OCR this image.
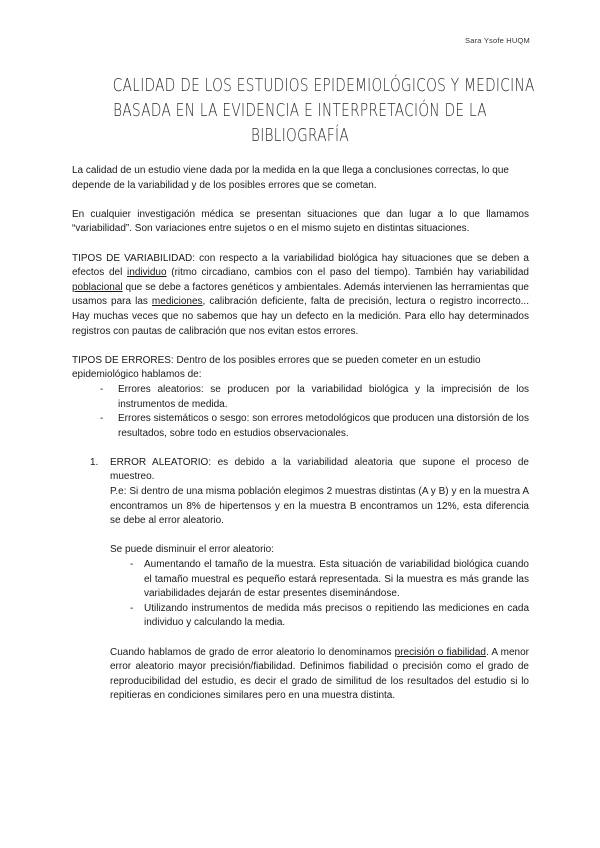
Sara Ysofe HUQM
CALIDAD DE LOS ESTUDIOS EPIDEMIOLÓGICOS Y MEDICINA
BASADA EN LA EVIDENCIA E INTERPRETACIÓN DE LA
BIBLIOGRAFÍA

La calidad de un estudio viene dada por la medida en la que llega a conclusiones correctas, lo que depende de la variabilidad y de los posibles errores que se cometan.

En cualquier investigación médica se presentan situaciones que dan lugar a lo que llamamos “variabilidad”. Son variaciones entre sujetos o en el mismo sujeto en distintas situaciones.

TIPOS DE VARIABILIDAD: con respecto a la variabilidad biológica hay situaciones que se deben a efectos del individuo (ritmo circadiano, cambios con el paso del tiempo). También hay variabilidad poblacional que se debe a factores genéticos y ambientales. Además intervienen las herramientas que usamos para las mediciones, calibración deficiente, falta de precisión, lectura o registro incorrecto... Hay muchas veces que no sabemos que hay un defecto en la medición. Para ello hay determinados registros con pautas de calibración que nos evitan estos errores.

TIPOS DE ERRORES: Dentro de los posibles errores que se pueden cometer en un estudio epidemiológico hablamos de:

- Errores aleatorios: se producen por la variabilidad biológica y la imprecisión de los instrumentos de medida.
- Errores sistemáticos o sesgo: son errores metodológicos que producen una distorsión de los resultados, sobre todo en estudios observacionales.
1. ERROR ALEATORIO: es debido a la variabilidad aleatoria que supone el proceso de muestreo.

P.e: Si dentro de una misma población elegimos 2 muestras distintas (A y B) y en la muestra A encontramos un 8% de hipertensos y en la muestra B encontramos un 12%, esta diferencia se debe al error aleatorio.

Se puede disminuir el error aleatorio:

- Aumentando el tamaño de la muestra. Esta situación de variabilidad biológica cuando el tamaño muestral es pequeño estará representada. Si la muestra es más grande las variabilidades dejarán de estar presentes diseminándose.
- Utilizando instrumentos de medida más precisos o repitiendo las mediciones en cada individuo y calculando la media.

Cuando hablamos de grado de error aleatorio lo denominamos precisión o fiabilidad. A menor error aleatorio mayor precisión/fiabilidad. Definimos fiabilidad o precisión como el grado de reproducibilidad del estudio, es decir el grado de similitud de los resultados del estudio si lo repitieras en condiciones similares pero en una muestra distinta.
